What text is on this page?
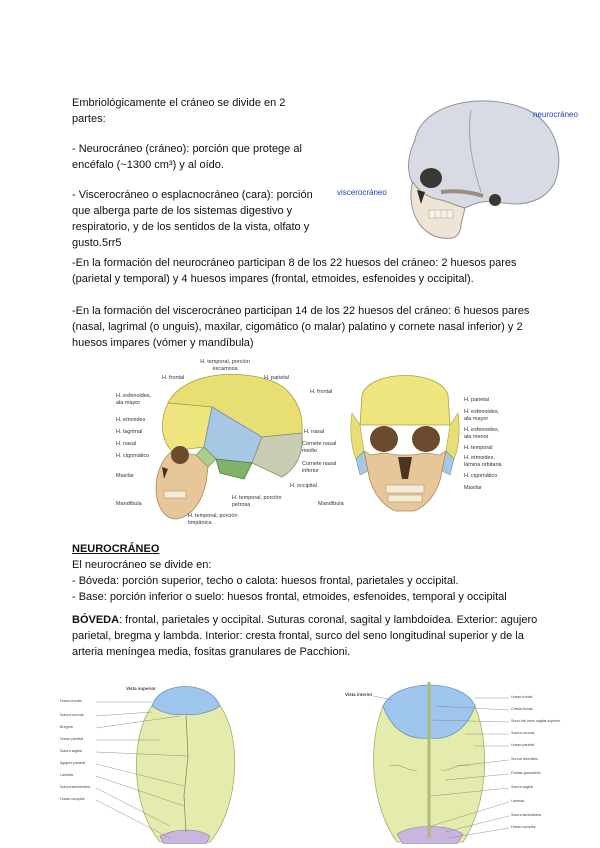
Embriológicamente el cráneo se divide en 2 partes:

- Neurocráneo (cráneo): porción que protege al encéfalo (~1300 cm³) y al oído.

- Viscerocráneo o esplacnocráneo (cara): porción que alberga parte de los sistemas digestivo y respiratorio, y de los sentidos de la vista, olfato y gusto.5rr5

neurocráneo
viscerocráneo

-En la formación del neurocráneo participan 8 de los 22 huesos del cráneo: 2 huesos pares (parietal y temporal) y 4 huesos impares (frontal, etmoides, esfenoides y occipital).

-En la formación del viscerocráneo participan 14 de los 22 huesos del cráneo: 6 huesos pares (nasal, lagrimal (o unguis), maxilar, cigomático (o malar) palatino y cornete nasal inferior) y 2 huesos impares (vómer y mandíbula)

H. frontal
H. temporal, porción escamosa
H. parietal
H. esfenoides, ala mayor
H. etmoides
H. lagrimal
H. nasal
H. cigomático
Maxilar
Mandíbula
H. occipital
H. temporal, porción petrosa
H. temporal, porción timpánica
H. frontal
H. nasal
Cornete nasal medio
Cornete nasal inferior
Mandíbula
H. parietal
H. esfenoides, ala mayor
H. esfenoides, ala menor
H. temporal
H. etmoides, lámina orbitaria
H. cigomático
Maxilar
NEUROCRÁNEO

El neurocráneo se divide en:

- Bóveda: porción superior, techo o calota: huesos frontal, parietales y occipital.

- Base: porción inferior o suelo: huesos frontal, etmoides, esfenoides, temporal y occipital

BÓVEDA: frontal, parietales y occipital. Suturas coronal, sagital y lambdoidea. Exterior: agujero parietal, bregma y lambda. Interior: cresta frontal, surco del seno longitudinal superior y de la arteria meníngea media, fositas granulares de Pacchioni.

Vista superior
Hueso frontal
Sutura coronal
Bregma
Hueso parietal
Sutura sagital
Agujero parietal
Lambda
Sutura lambdoidea
Hueso occipital
Vista interior	Hueso frontal
Cresta frontal
Surco del seno sagital superior
Sutura coronal
Hueso parietal
Surcos arteriales
Fositas granulares
Sutura sagital
Lambda
Sutura lambdoidea
Hueso occipital
